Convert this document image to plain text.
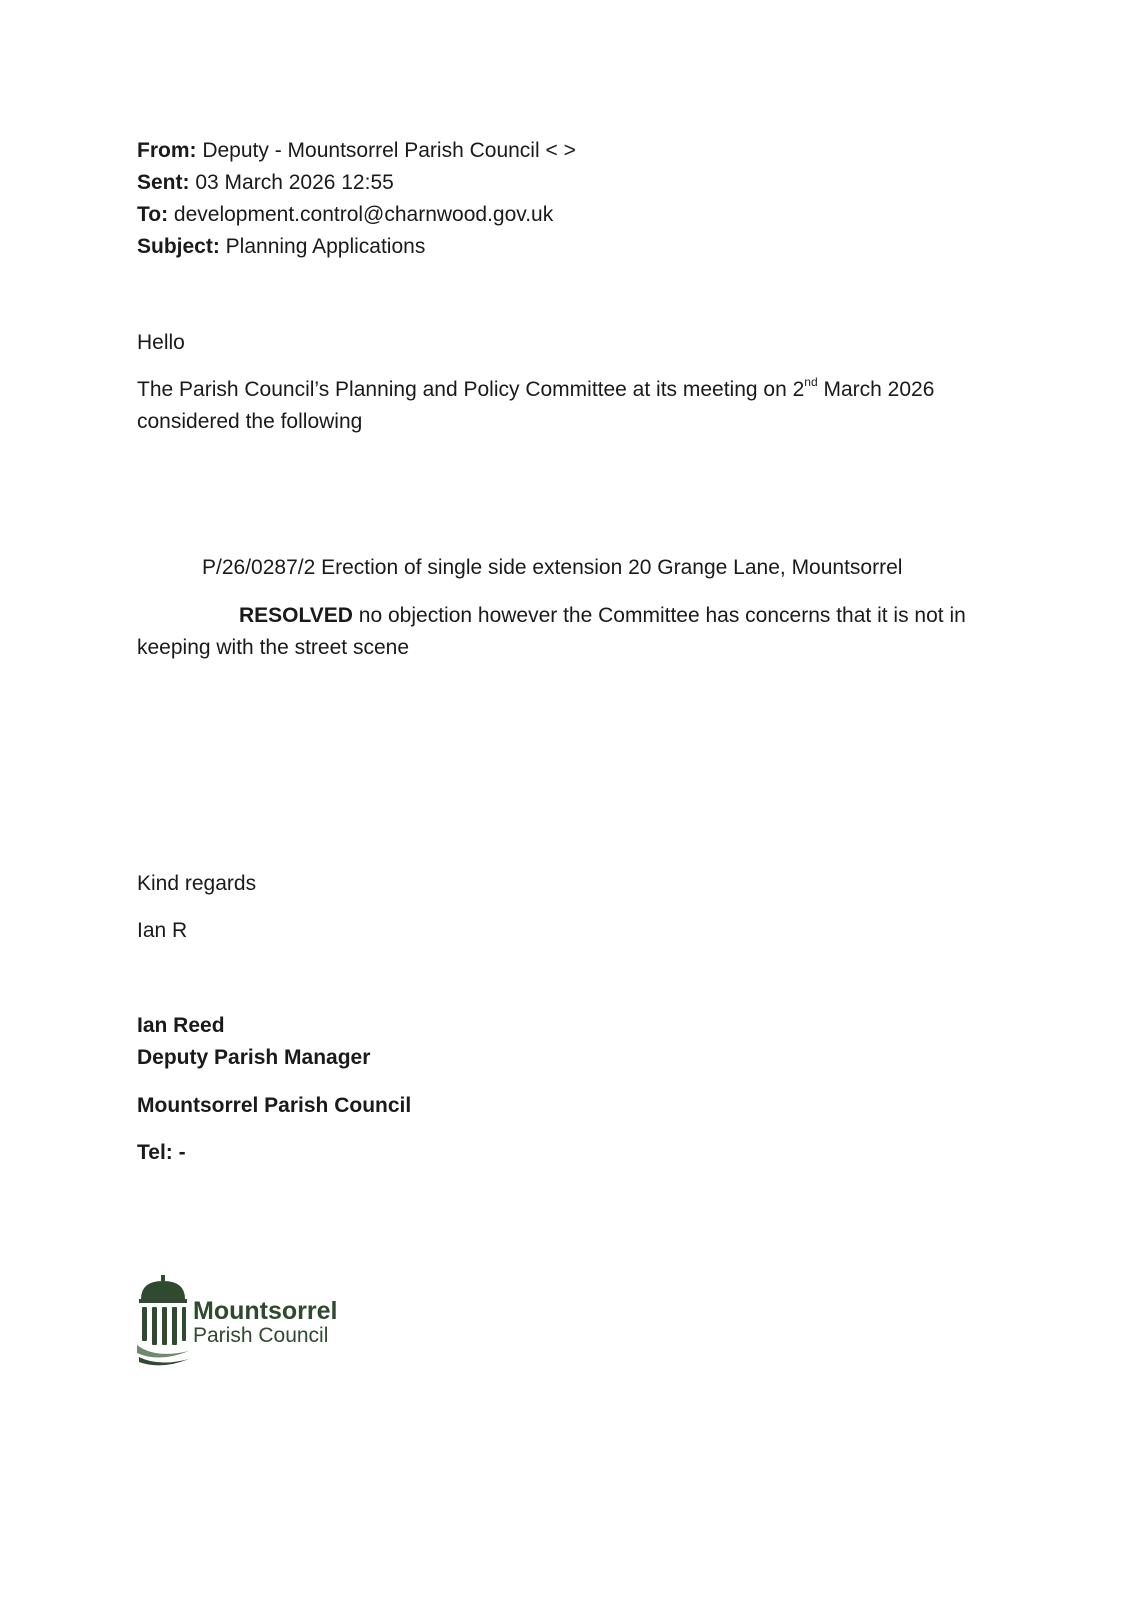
From: Deputy - Mountsorrel Parish Council < >
Sent: 03 March 2026 12:55
To: development.control@charnwood.gov.uk
Subject: Planning Applications
Hello
The Parish Council’s Planning and Policy Committee at its meeting on 2nd March 2026 considered the following
P/26/0287/2 Erection of single side extension 20 Grange Lane, Mountsorrel
RESOLVED no objection however the Committee has concerns that it is not in keeping with the street scene
Kind regards
Ian R
Ian Reed
Deputy Parish Manager
Mountsorrel Parish Council
Tel: -
Mountsorrel
Parish Council
